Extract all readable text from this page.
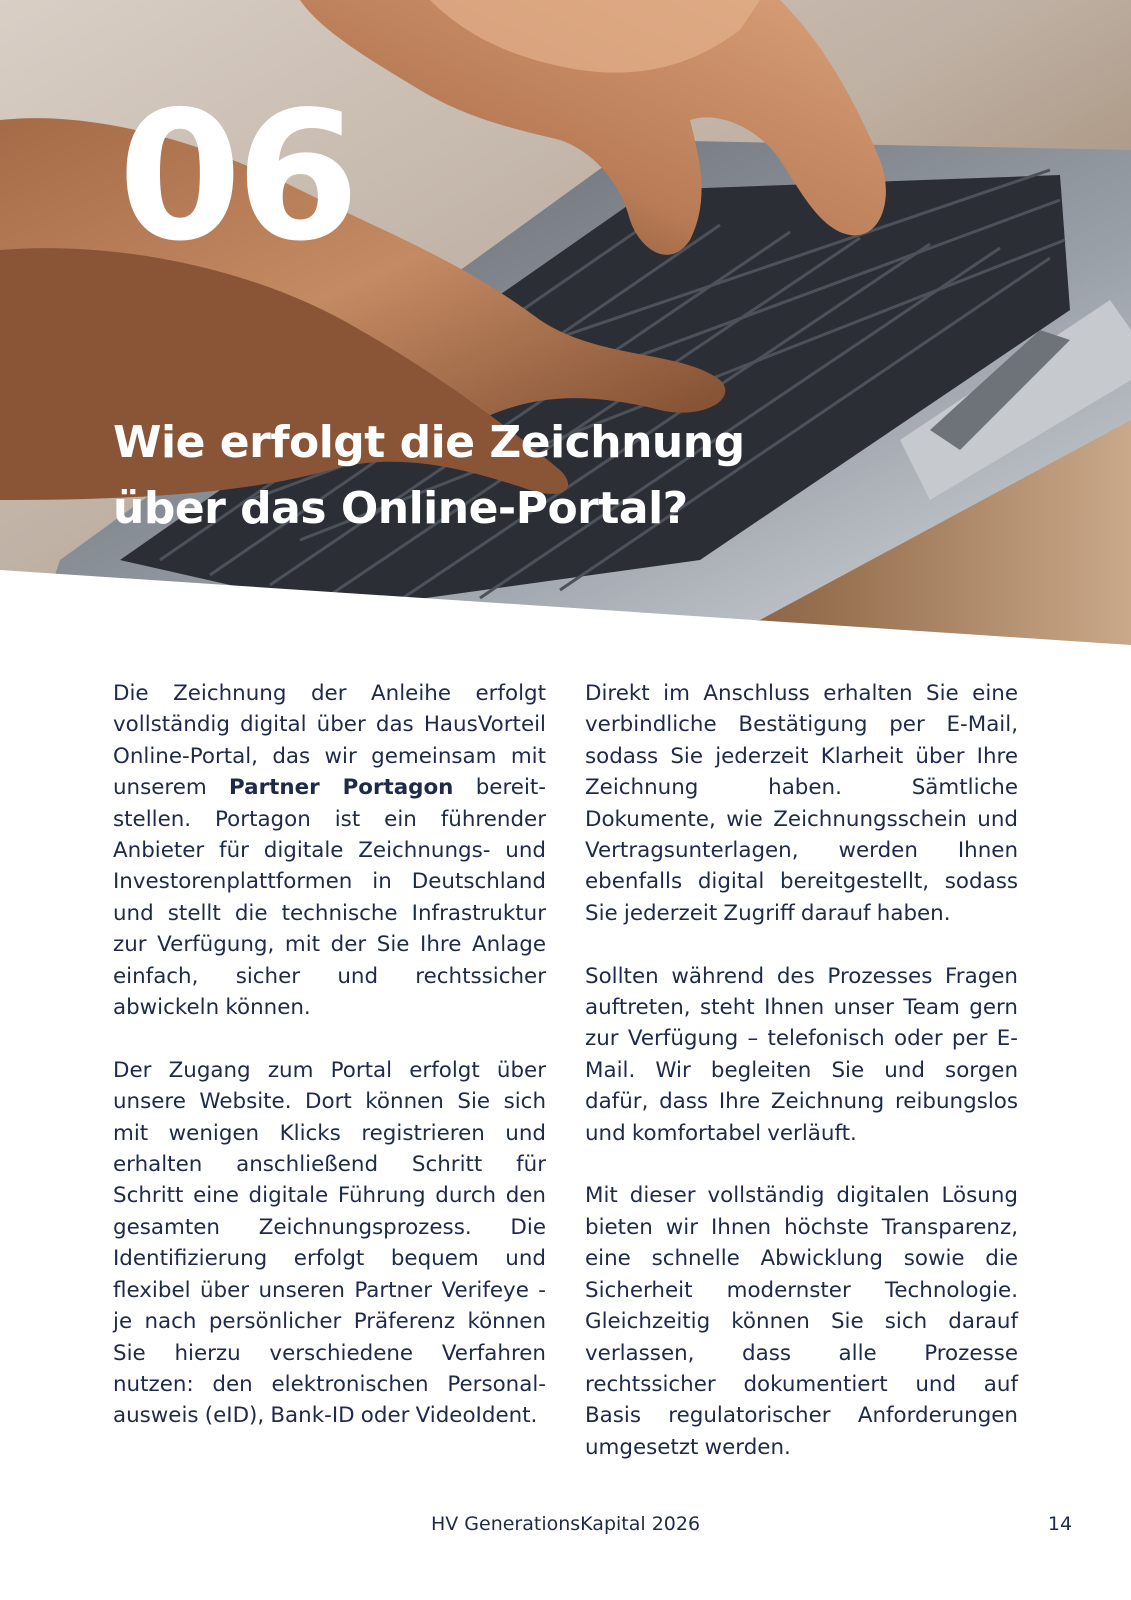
06
Wie erfolgt die Zeichnung
über das Online-Portal?

Die Zeichnung der Anleihe erfolgt
vollständig digital über das HausVorteil
Online-Portal, das wir gemeinsam mit
unserem Partner Portagon bereit-
stellen. Portagon ist ein führender
Anbieter für digitale Zeichnungs- und
Investorenplattformen in Deutschland
und stellt die technische Infrastruktur
zur Verfügung, mit der Sie Ihre Anlage
einfach, sicher und rechtssicher
abwickeln können.

Der Zugang zum Portal erfolgt über
unsere Website. Dort können Sie sich
mit wenigen Klicks registrieren und
erhalten anschließend Schritt für
Schritt eine digitale Führung durch den
gesamten Zeichnungsprozess. Die
Identifizierung erfolgt bequem und
flexibel über unseren Partner Verifeye -
je nach persönlicher Präferenz können
Sie hierzu verschiedene Verfahren
nutzen: den elektronischen Personal-
ausweis (eID), Bank-ID oder VideoIdent.

Direkt im Anschluss erhalten Sie eine
verbindliche Bestätigung per E-Mail,
sodass Sie jederzeit Klarheit über Ihre
Zeichnung haben. Sämtliche
Dokumente, wie Zeichnungsschein und
Vertragsunterlagen, werden Ihnen
ebenfalls digital bereitgestellt, sodass
Sie jederzeit Zugriff darauf haben.

Sollten während des Prozesses Fragen
auftreten, steht Ihnen unser Team gern
zur Verfügung – telefonisch oder per E-
Mail. Wir begleiten Sie und sorgen
dafür, dass Ihre Zeichnung reibungslos
und komfortabel verläuft.

Mit dieser vollständig digitalen Lösung
bieten wir Ihnen höchste Transparenz,
eine schnelle Abwicklung sowie die
Sicherheit modernster Technologie.
Gleichzeitig können Sie sich darauf
verlassen, dass alle Prozesse
rechtssicher dokumentiert und auf
Basis regulatorischer Anforderungen
umgesetzt werden.

HV GenerationsKapital 2026	14
